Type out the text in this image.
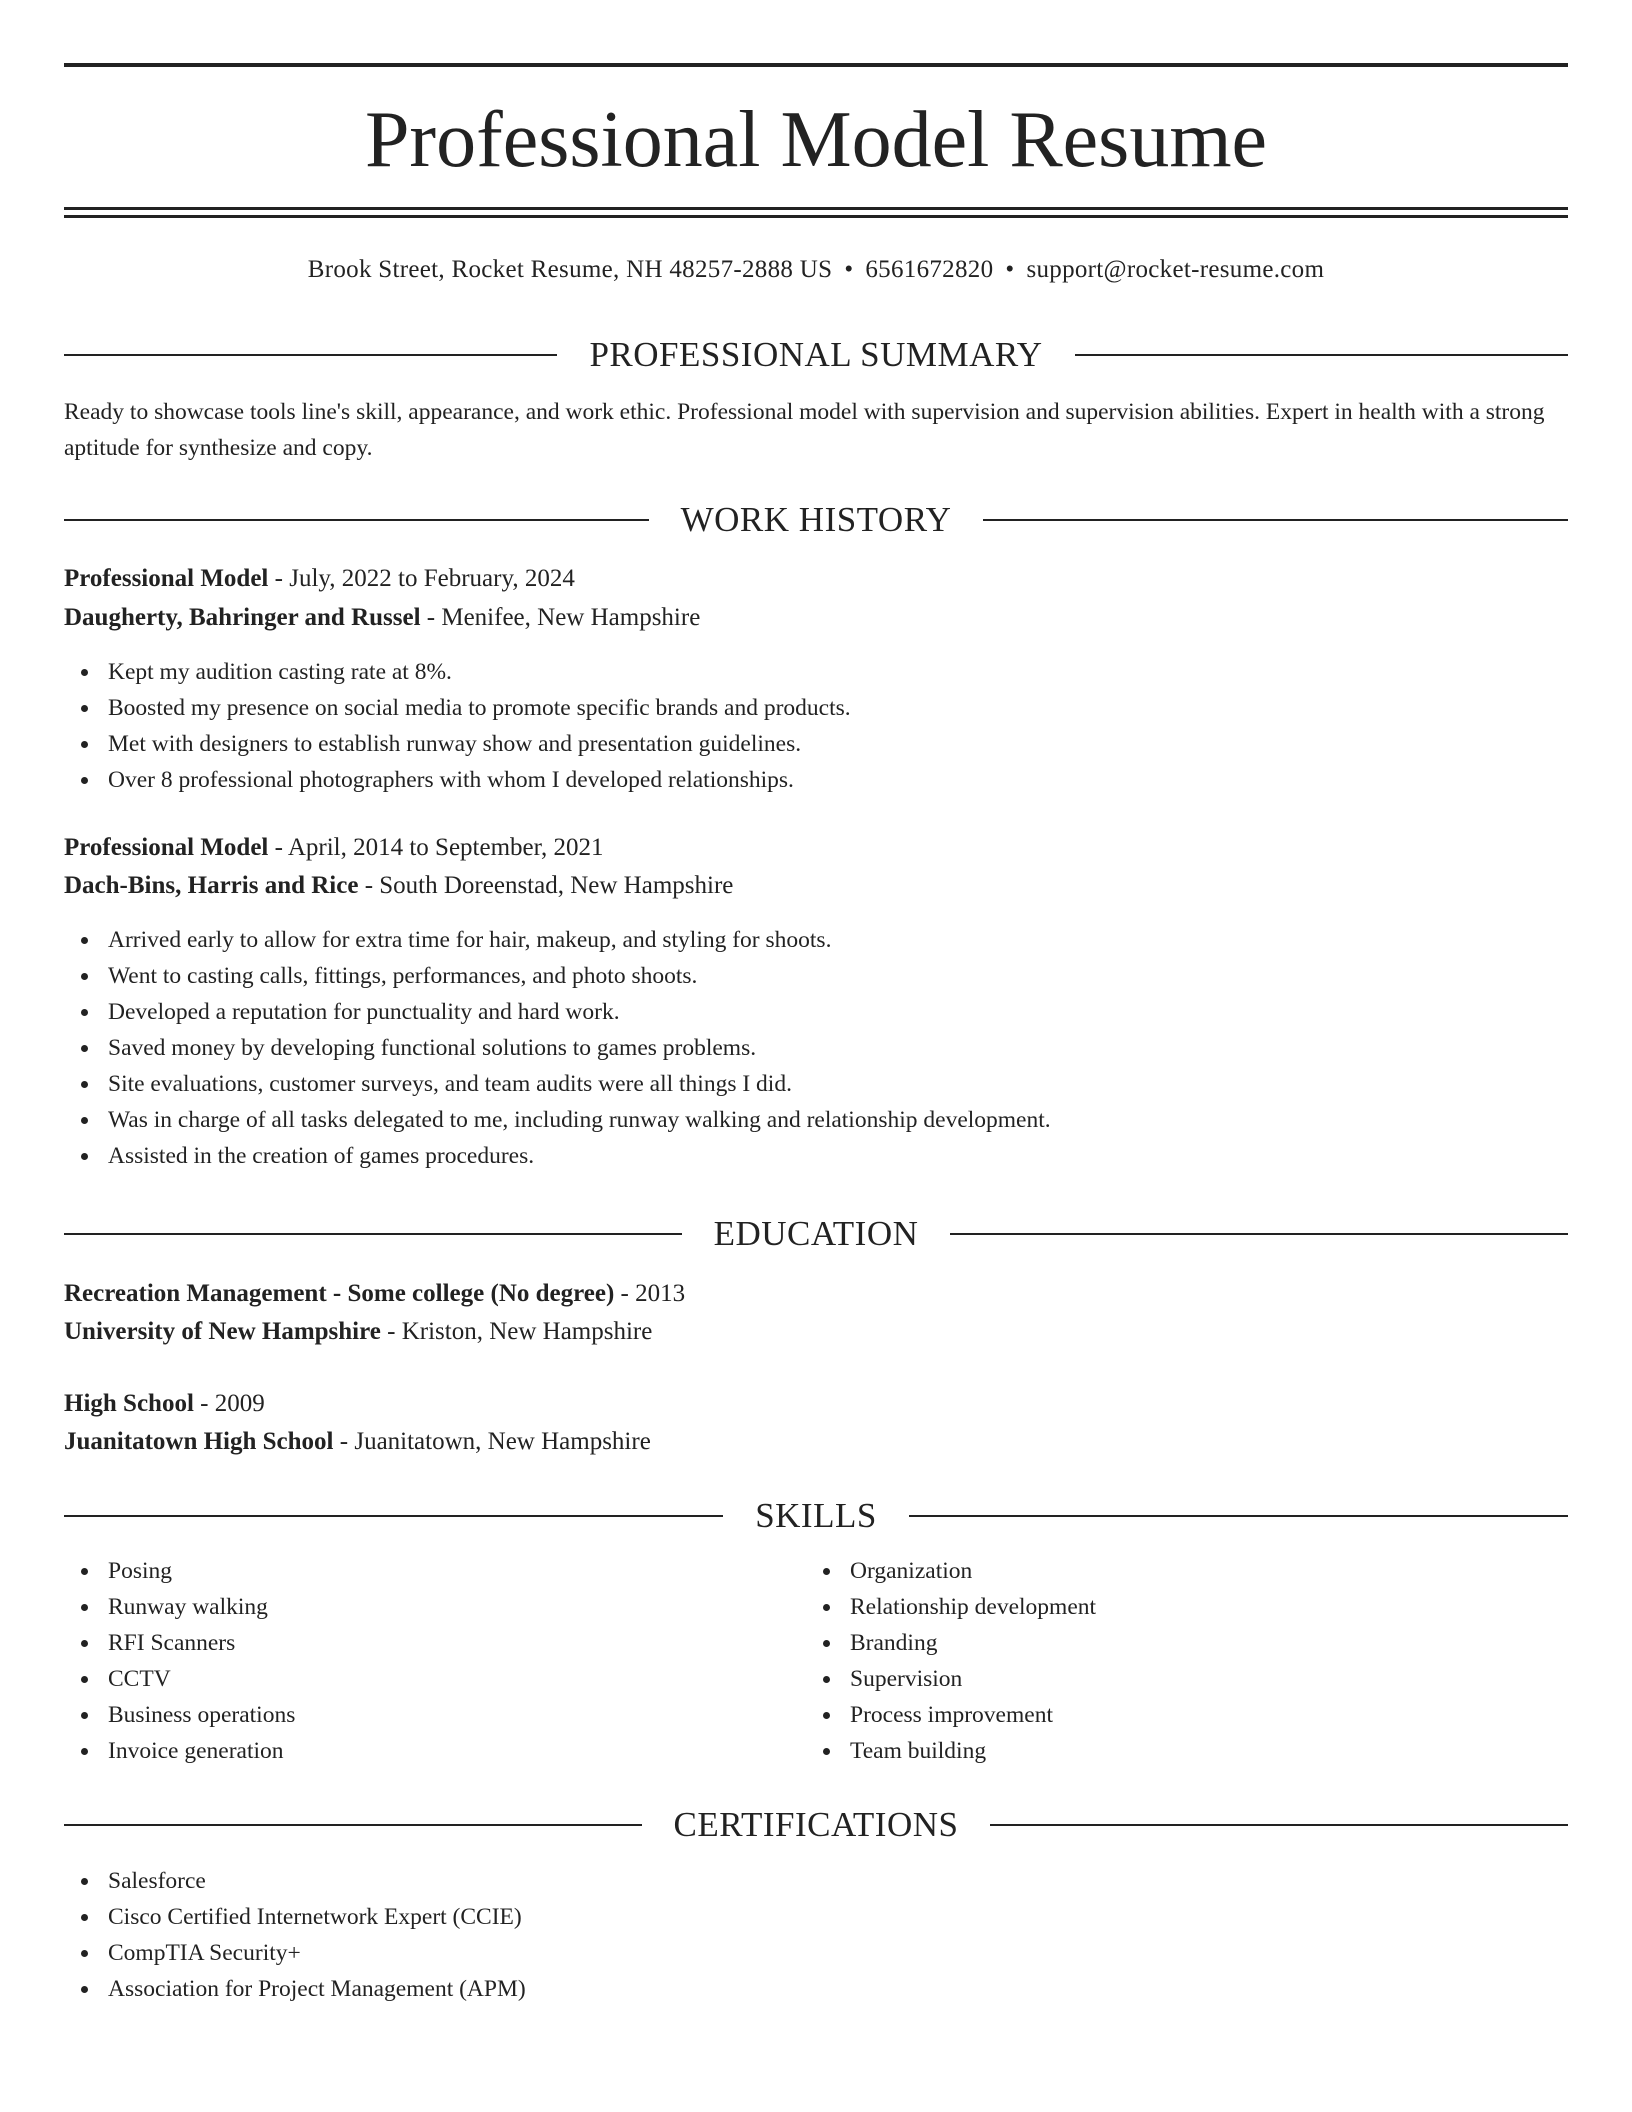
Professional Model Resume
Brook Street, Rocket Resume, NH 48257-2888 US • 6561672820 • support@rocket-resume.com
PROFESSIONAL SUMMARY
Ready to showcase tools line's skill, appearance, and work ethic. Professional model with supervision and supervision abilities. Expert in health with a strong aptitude for synthesize and copy.
WORK HISTORY
Professional Model - July, 2022 to February, 2024
Daugherty, Bahringer and Russel - Menifee, New Hampshire
Kept my audition casting rate at 8%.
Boosted my presence on social media to promote specific brands and products.
Met with designers to establish runway show and presentation guidelines.
Over 8 professional photographers with whom I developed relationships.
Professional Model - April, 2014 to September, 2021
Dach-Bins, Harris and Rice - South Doreenstad, New Hampshire
Arrived early to allow for extra time for hair, makeup, and styling for shoots.
Went to casting calls, fittings, performances, and photo shoots.
Developed a reputation for punctuality and hard work.
Saved money by developing functional solutions to games problems.
Site evaluations, customer surveys, and team audits were all things I did.
Was in charge of all tasks delegated to me, including runway walking and relationship development.
Assisted in the creation of games procedures.
EDUCATION
Recreation Management - Some college (No degree) - 2013
University of New Hampshire - Kriston, New Hampshire
High School - 2009
Juanitatown High School - Juanitatown, New Hampshire
SKILLS
Posing
Runway walking
RFI Scanners
CCTV
Business operations
Invoice generation
Organization
Relationship development
Branding
Supervision
Process improvement
Team building
CERTIFICATIONS
Salesforce
Cisco Certified Internetwork Expert (CCIE)
CompTIA Security+
Association for Project Management (APM)
